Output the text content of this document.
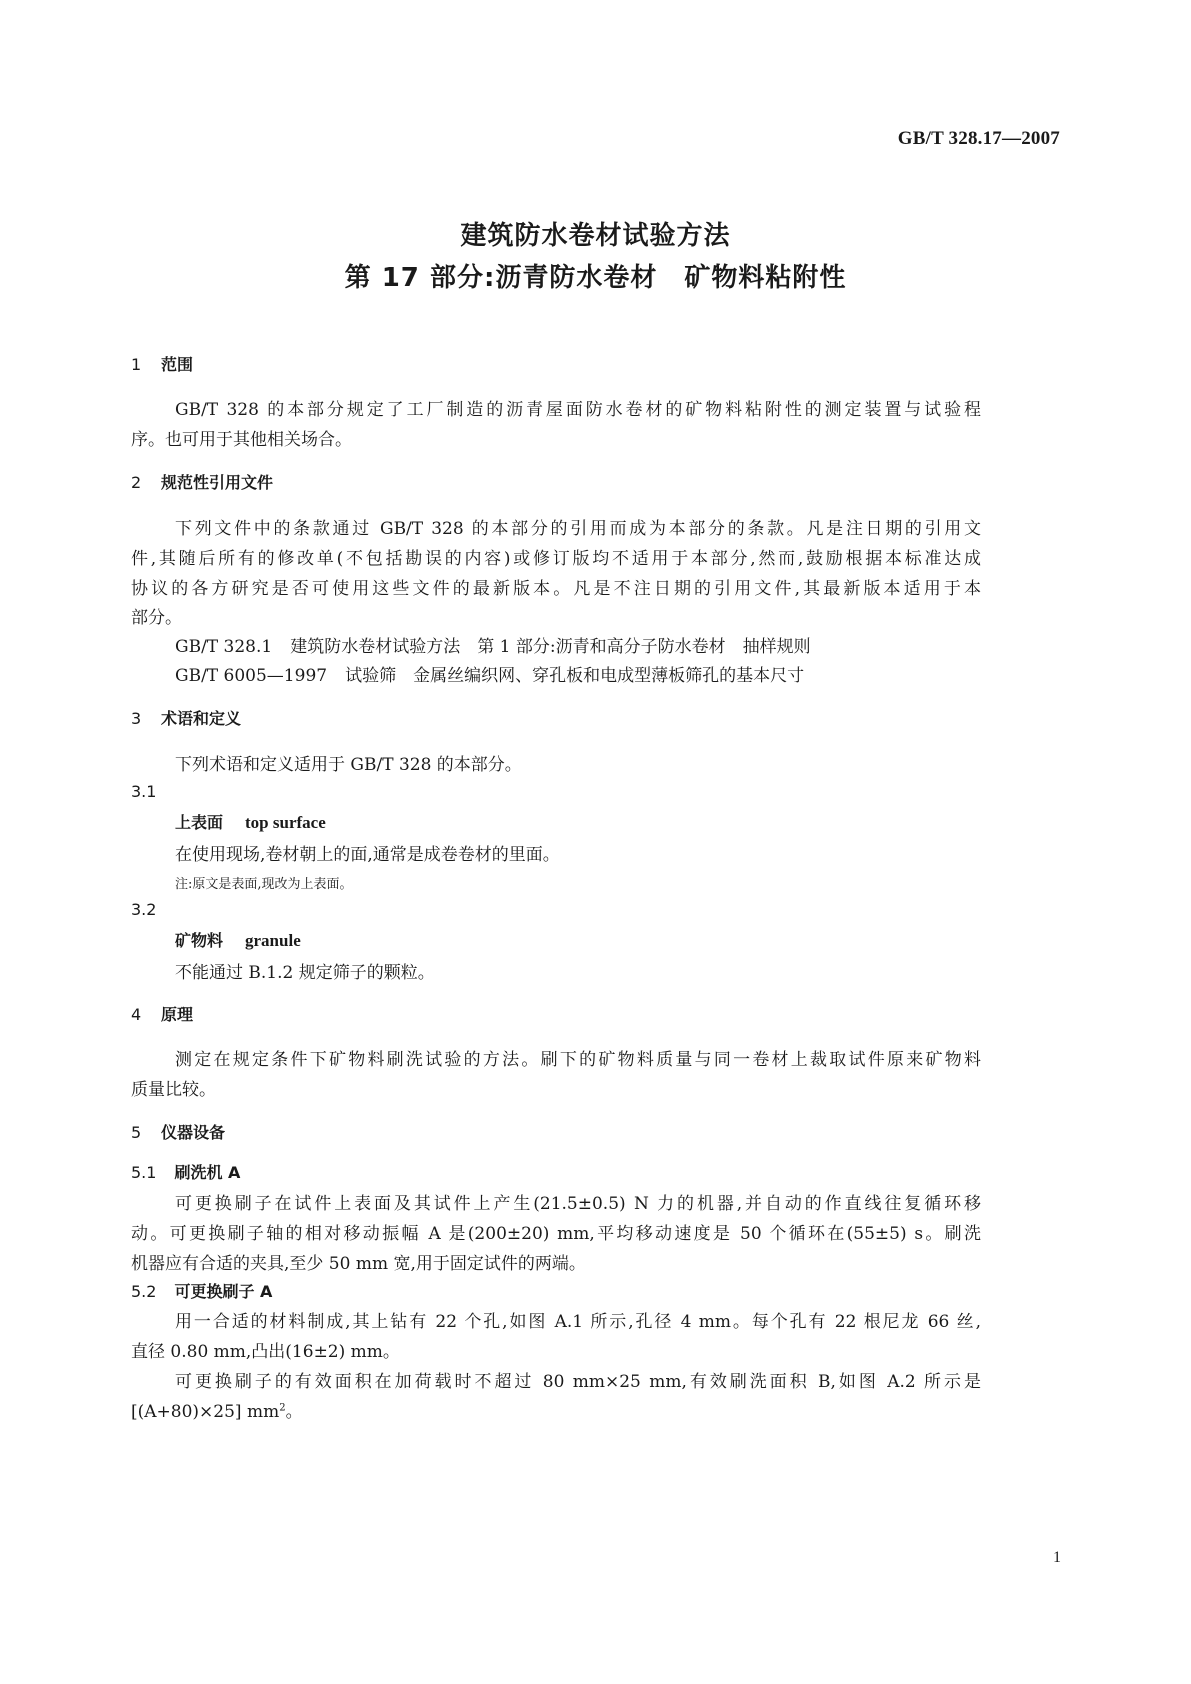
GB/T 328.17—2007
建筑防水卷材试验方法
第 17 部分:沥青防水卷材　矿物料粘附性
1 范围
GB/T 328 的本部分规定了工厂制造的沥青屋面防水卷材的矿物料粘附性的测定装置与试验程
序。也可用于其他相关场合。
2 规范性引用文件
下列文件中的条款通过 GB/T 328 的本部分的引用而成为本部分的条款。凡是注日期的引用文
件,其随后所有的修改单(不包括勘误的内容)或修订版均不适用于本部分,然而,鼓励根据本标准达成
协议的各方研究是否可使用这些文件的最新版本。凡是不注日期的引用文件,其最新版本适用于本
部分。
GB/T 328.1 建筑防水卷材试验方法　第 1 部分:沥青和高分子防水卷材　抽样规则
GB/T 6005—1997 试验筛　金属丝编织网、穿孔板和电成型薄板筛孔的基本尺寸
3 术语和定义
下列术语和定义适用于 GB/T 328 的本部分。
3.1
上表面 top surface
在使用现场,卷材朝上的面,通常是成卷卷材的里面。
注:原文是表面,现改为上表面。
3.2
矿物料 granule
不能通过 B.1.2 规定筛子的颗粒。
4 原理
测定在规定条件下矿物料刷洗试验的方法。刷下的矿物料质量与同一卷材上裁取试件原来矿物料
质量比较。
5 仪器设备
5.1 刷洗机 A
可更换刷子在试件上表面及其试件上产生(21.5±0.5) N 力的机器,并自动的作直线往复循环移
动。可更换刷子轴的相对移动振幅 A 是(200±20) mm,平均移动速度是 50 个循环在(55±5) s。刷洗
机器应有合适的夹具,至少 50 mm 宽,用于固定试件的两端。
5.2 可更换刷子 A
用一合适的材料制成,其上钻有 22 个孔,如图 A.1 所示,孔径 4 mm。每个孔有 22 根尼龙 66 丝,
直径 0.80 mm,凸出(16±2) mm。
可更换刷子的有效面积在加荷载时不超过 80 mm×25 mm,有效刷洗面积 B,如图 A.2 所示是
[(A+80)×25] $mm^2$。
1
